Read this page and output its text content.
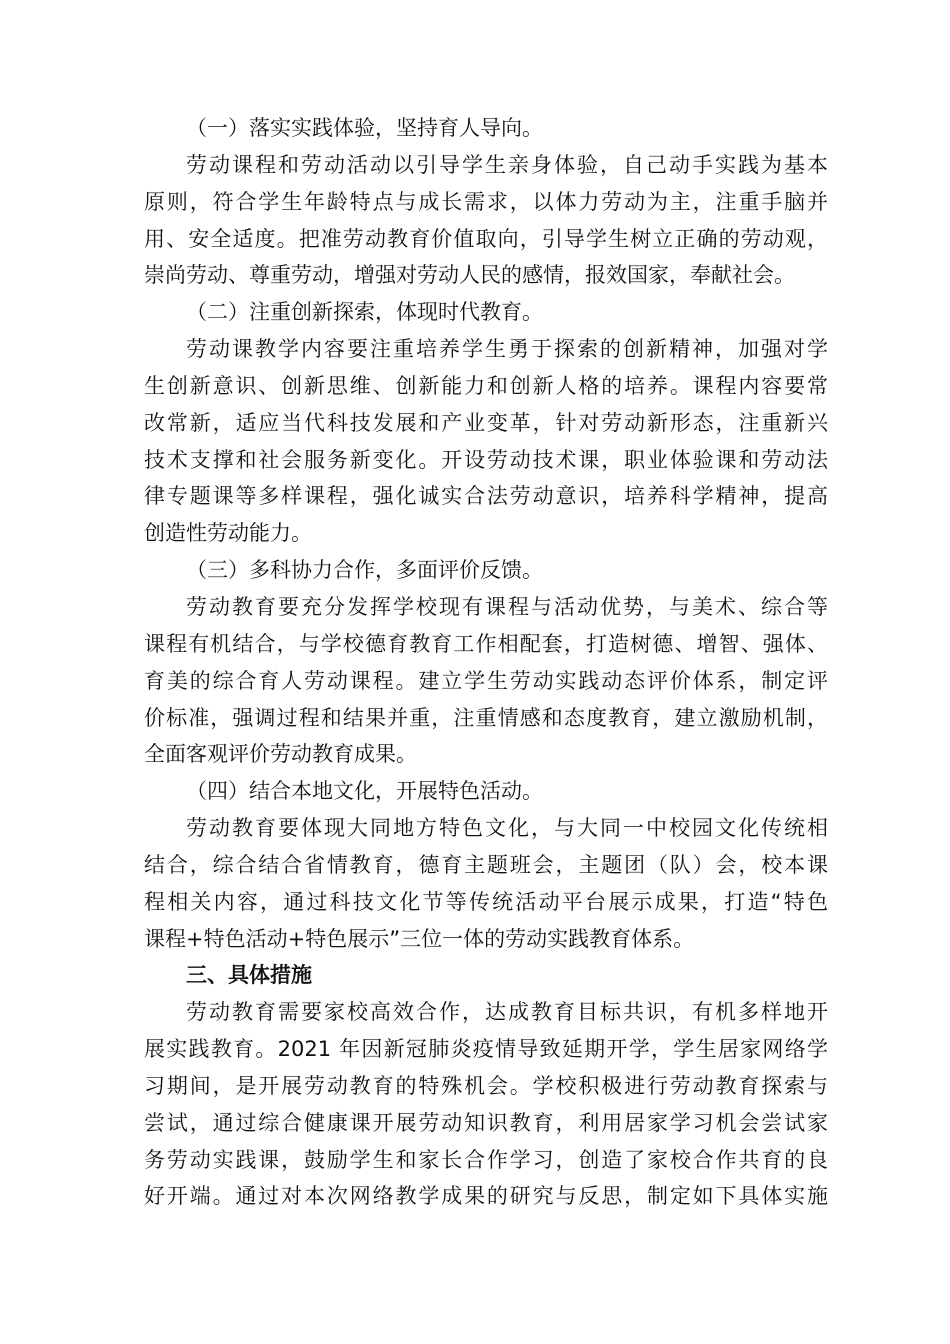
（一）落实实践体验，坚持育人导向。
劳动课程和劳动活动以引导学生亲身体验，自己动手实践为基本
原则，符合学生年龄特点与成长需求，以体力劳动为主，注重手脑并
用、安全适度。把准劳动教育价值取向，引导学生树立正确的劳动观，
崇尚劳动、尊重劳动，增强对劳动人民的感情，报效国家，奉献社会。
（二）注重创新探索，体现时代教育。
劳动课教学内容要注重培养学生勇于探索的创新精神，加强对学
生创新意识、创新思维、创新能力和创新人格的培养。课程内容要常
改常新，适应当代科技发展和产业变革，针对劳动新形态，注重新兴
技术支撑和社会服务新变化。开设劳动技术课，职业体验课和劳动法
律专题课等多样课程，强化诚实合法劳动意识，培养科学精神，提高
创造性劳动能力。
（三）多科协力合作，多面评价反馈。
劳动教育要充分发挥学校现有课程与活动优势，与美术、综合等
课程有机结合，与学校德育教育工作相配套，打造树德、增智、强体、
育美的综合育人劳动课程。建立学生劳动实践动态评价体系，制定评
价标准，强调过程和结果并重，注重情感和态度教育，建立激励机制，
全面客观评价劳动教育成果。
（四）结合本地文化，开展特色活动。
劳动教育要体现大同地方特色文化，与大同一中校园文化传统相
结合，综合结合省情教育，德育主题班会，主题团（队）会，校本课
程相关内容，通过科技文化节等传统活动平台展示成果，打造“特色
课程+特色活动+特色展示”三位一体的劳动实践教育体系。
三、具体措施
劳动教育需要家校高效合作，达成教育目标共识，有机多样地开
展实践教育。2021 年因新冠肺炎疫情导致延期开学，学生居家网络学
习期间，是开展劳动教育的特殊机会。学校积极进行劳动教育探索与
尝试，通过综合健康课开展劳动知识教育，利用居家学习机会尝试家
务劳动实践课，鼓励学生和家长合作学习，创造了家校合作共育的良
好开端。通过对本次网络教学成果的研究与反思，制定如下具体实施
